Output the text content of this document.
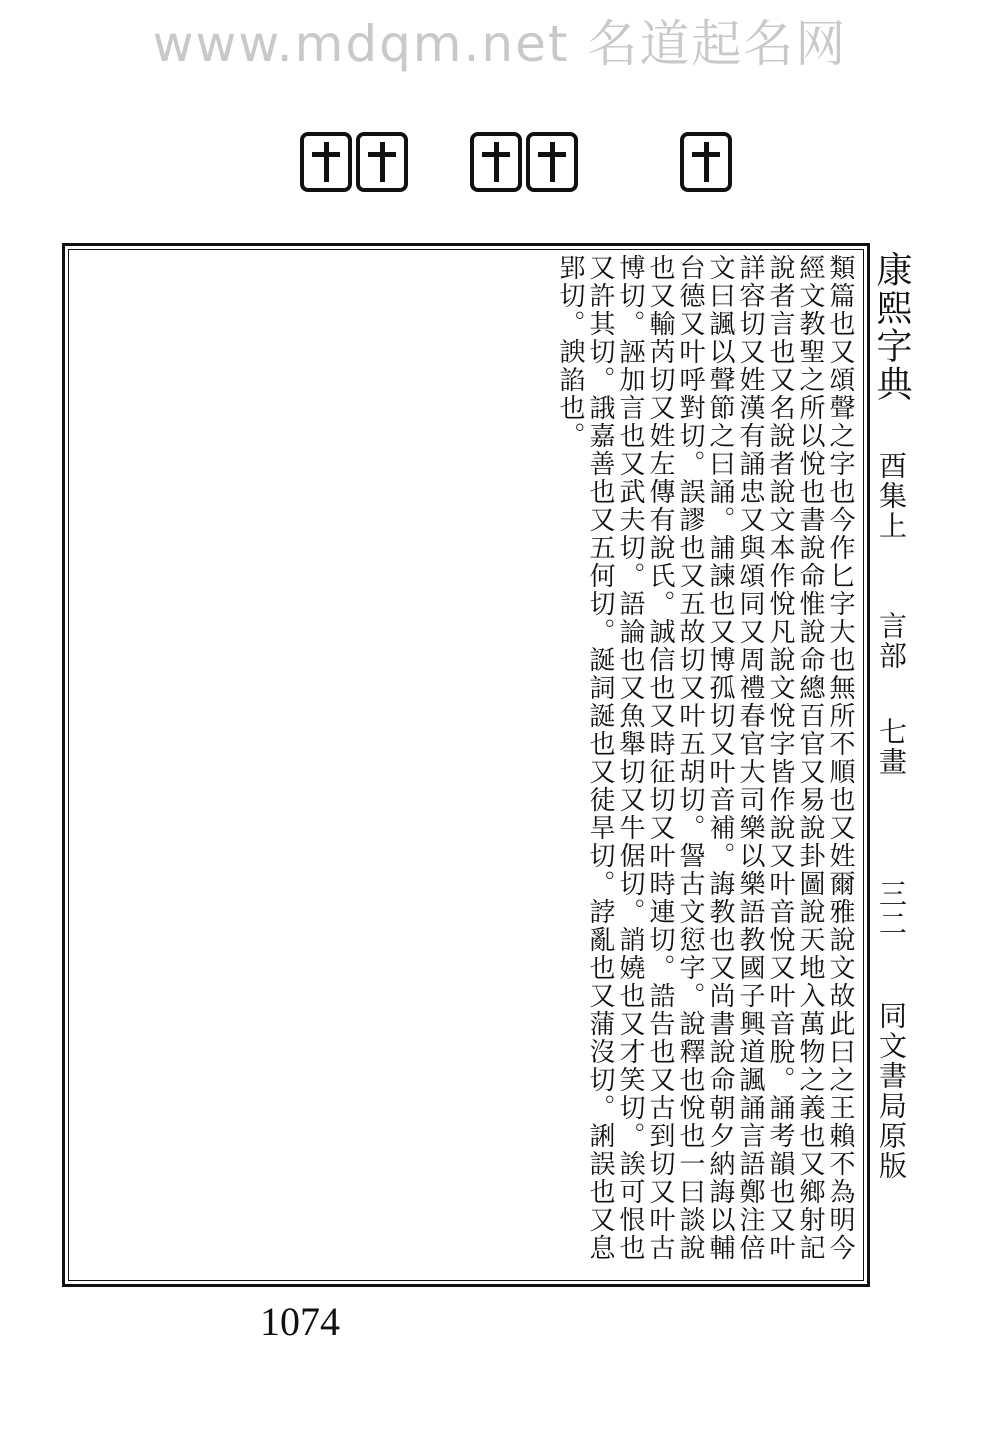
www.mdqm.net 名道起名网
類篇也又頌聲之字也今作匕字大也無所不順也又姓爾雅說文故此曰之王賴不為明今經文教聖之所以悅也書說命惟說命總百官又易說卦圖說天地入萬物之義也又鄉射記說者言也又名說者說文本作悅凡說文悅字皆作說又叶音悅又叶音脫。誦考韻也又叶詳容切又姓漢有誦忠又與頌同又周禮春官大司樂以樂語教國子興道諷誦言語鄭注倍文曰諷以聲節之曰誦。誧諫也又博孤切又叶音補。誨教也又尚書說命朝夕納誨以輔台德又叶呼對切。誤謬也又五故切又叶五胡切。諐古文愆字。說釋也悅也一曰談說也又輸芮切又姓左傳有說氏。誠信也又時征切又叶時連切。誥告也又古到切又叶古博切。誣加言也又武夫切。語論也又魚舉切又牛倨切。誚嬈也又才笑切。誒可恨也又許其切。誐嘉善也又五何切。誕詞誕也又徒旱切。誖亂也又蒲沒切。誗誤也又息郢切。諛諂也。	康熙字典
酉集上
言部
七畫
三二
同文書局原版
1074
